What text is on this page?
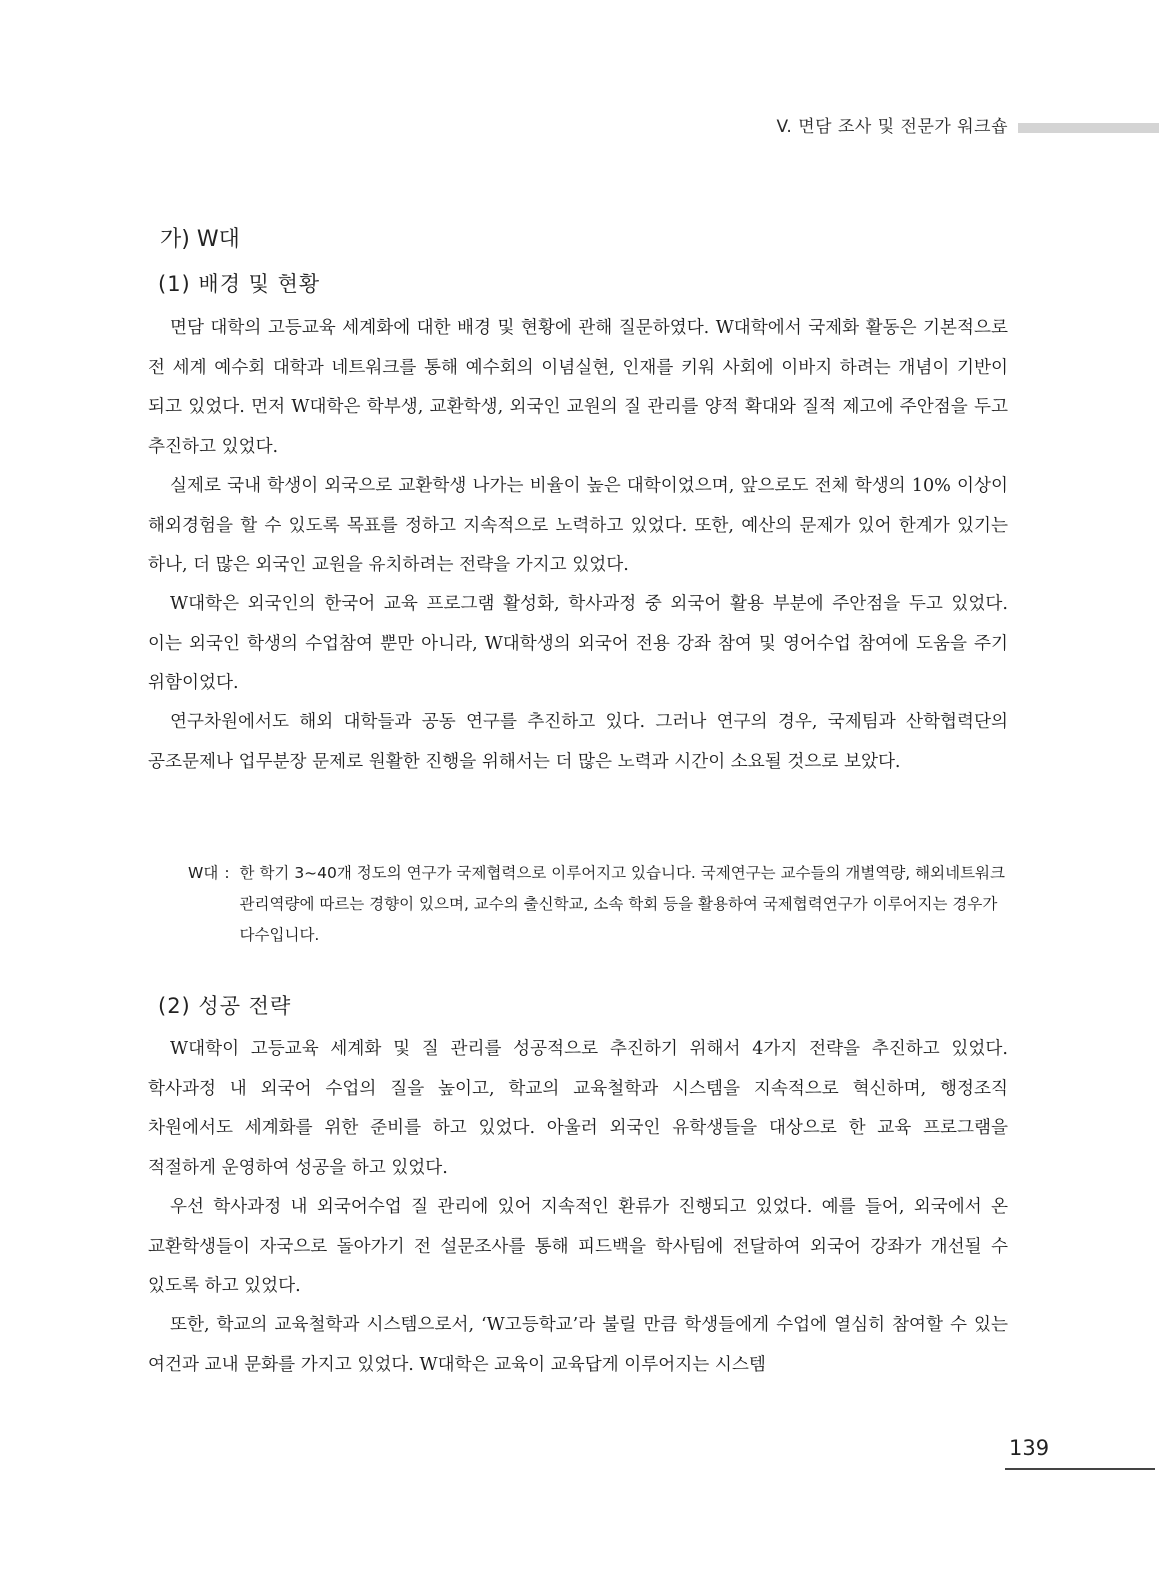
V. 면담 조사 및 전문가 워크숍
가) W대
(1) 배경 및 현황

면담 대학의 고등교육 세계화에 대한 배경 및 현황에 관해 질문하였다. W대학에서 국제화 활동은 기본적으로 전 세계 예수회 대학과 네트워크를 통해 예수회의 이념실현, 인재를 키워 사회에 이바지 하려는 개념이 기반이 되고 있었다. 먼저 W대학은 학부생, 교환학생, 외국인 교원의 질 관리를 양적 확대와 질적 제고에 주안점을 두고 추진하고 있었다.

실제로 국내 학생이 외국으로 교환학생 나가는 비율이 높은 대학이었으며, 앞으로도 전체 학생의 10% 이상이 해외경험을 할 수 있도록 목표를 정하고 지속적으로 노력하고 있었다. 또한, 예산의 문제가 있어 한계가 있기는 하나, 더 많은 외국인 교원을 유치하려는 전략을 가지고 있었다.

W대학은 외국인의 한국어 교육 프로그램 활성화, 학사과정 중 외국어 활용 부분에 주안점을 두고 있었다. 이는 외국인 학생의 수업참여 뿐만 아니라, W대학생의 외국어 전용 강좌 참여 및 영어수업 참여에 도움을 주기 위함이었다.

연구차원에서도 해외 대학들과 공동 연구를 추진하고 있다. 그러나 연구의 경우, 국제팀과 산학협력단의 공조문제나 업무분장 문제로 원활한 진행을 위해서는 더 많은 노력과 시간이 소요될 것으로 보았다.

W대 : 한 학기 3~40개 정도의 연구가 국제협력으로 이루어지고 있습니다. 국제연구는 교수들의 개별역량, 해외네트워크 관리역량에 따르는 경향이 있으며, 교수의 출신학교, 소속 학회 등을 활용하여 국제협력연구가 이루어지는 경우가 다수입니다.
(2) 성공 전략

W대학이 고등교육 세계화 및 질 관리를 성공적으로 추진하기 위해서 4가지 전략을 추진하고 있었다. 학사과정 내 외국어 수업의 질을 높이고, 학교의 교육철학과 시스템을 지속적으로 혁신하며, 행정조직 차원에서도 세계화를 위한 준비를 하고 있었다. 아울러 외국인 유학생들을 대상으로 한 교육 프로그램을 적절하게 운영하여 성공을 하고 있었다.

우선 학사과정 내 외국어수업 질 관리에 있어 지속적인 환류가 진행되고 있었다. 예를 들어, 외국에서 온 교환학생들이 자국으로 돌아가기 전 설문조사를 통해 피드백을 학사팀에 전달하여 외국어 강좌가 개선될 수 있도록 하고 있었다.

또한, 학교의 교육철학과 시스템으로서, ‘W고등학교’라 불릴 만큼 학생들에게 수업에 열심히 참여할 수 있는 여건과 교내 문화를 가지고 있었다. W대학은 교육이 교육답게 이루어지는 시스템

139
